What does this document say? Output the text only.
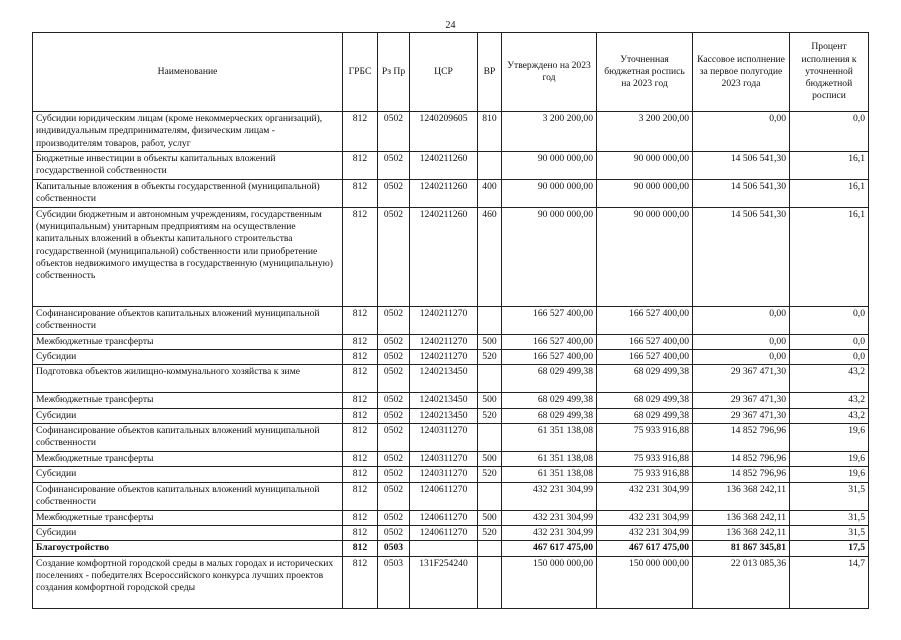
24
Наименование	ГРБС	Рз Пр	ЦСР	ВР	Утверждено на 2023 год	Уточненная бюджетная роспись на 2023 год	Кассовое исполнение за первое полугодие 2023 года	Процент исполнения к уточненной бюджетной росписи
Субсидии юридическим лицам (кроме некоммерческих организаций), индивидуальным предпринимателям, физическим лицам - производителям товаров, работ, услуг	812	0502	1240209605	810	3 200 200,00	3 200 200,00	0,00	0,0
Бюджетные инвестиции в объекты капитальных вложений государственной собственности	812	0502	1240211260		90 000 000,00	90 000 000,00	14 506 541,30	16,1
Капитальные вложения в объекты государственной (муниципальной) собственности	812	0502	1240211260	400	90 000 000,00	90 000 000,00	14 506 541,30	16,1
Субсидии бюджетным и автономным учреждениям, государственным (муниципальным) унитарным предприятиям на осуществление капитальных вложений в объекты капитального строительства государственной (муниципальной) собственности или приобретение объектов недвижимого имущества в государственную (муниципальную) собственность	812	0502	1240211260	460	90 000 000,00	90 000 000,00	14 506 541,30	16,1
Софинансирование объектов капитальных вложений муниципальной собственности	812	0502	1240211270		166 527 400,00	166 527 400,00	0,00	0,0
Межбюджетные трансферты	812	0502	1240211270	500	166 527 400,00	166 527 400,00	0,00	0,0
Субсидии	812	0502	1240211270	520	166 527 400,00	166 527 400,00	0,00	0,0
Подготовка объектов жилищно-коммунального хозяйства к зиме	812	0502	1240213450		68 029 499,38	68 029 499,38	29 367 471,30	43,2
Межбюджетные трансферты	812	0502	1240213450	500	68 029 499,38	68 029 499,38	29 367 471,30	43,2
Субсидии	812	0502	1240213450	520	68 029 499,38	68 029 499,38	29 367 471,30	43,2
Софинансирование объектов капитальных вложений муниципальной собственности	812	0502	1240311270		61 351 138,08	75 933 916,88	14 852 796,96	19,6
Межбюджетные трансферты	812	0502	1240311270	500	61 351 138,08	75 933 916,88	14 852 796,96	19,6
Субсидии	812	0502	1240311270	520	61 351 138,08	75 933 916,88	14 852 796,96	19,6
Софинансирование объектов капитальных вложений муниципальной собственности	812	0502	1240611270		432 231 304,99	432 231 304,99	136 368 242,11	31,5
Межбюджетные трансферты	812	0502	1240611270	500	432 231 304,99	432 231 304,99	136 368 242,11	31,5
Субсидии	812	0502	1240611270	520	432 231 304,99	432 231 304,99	136 368 242,11	31,5
Благоустройство	812	0503			467 617 475,00	467 617 475,00	81 867 345,81	17,5
Создание комфортной городской среды в малых городах и исторических поселениях - победителях Всероссийского конкурса лучших проектов создания комфортной городской среды	812	0503	131F254240		150 000 000,00	150 000 000,00	22 013 085,36	14,7
